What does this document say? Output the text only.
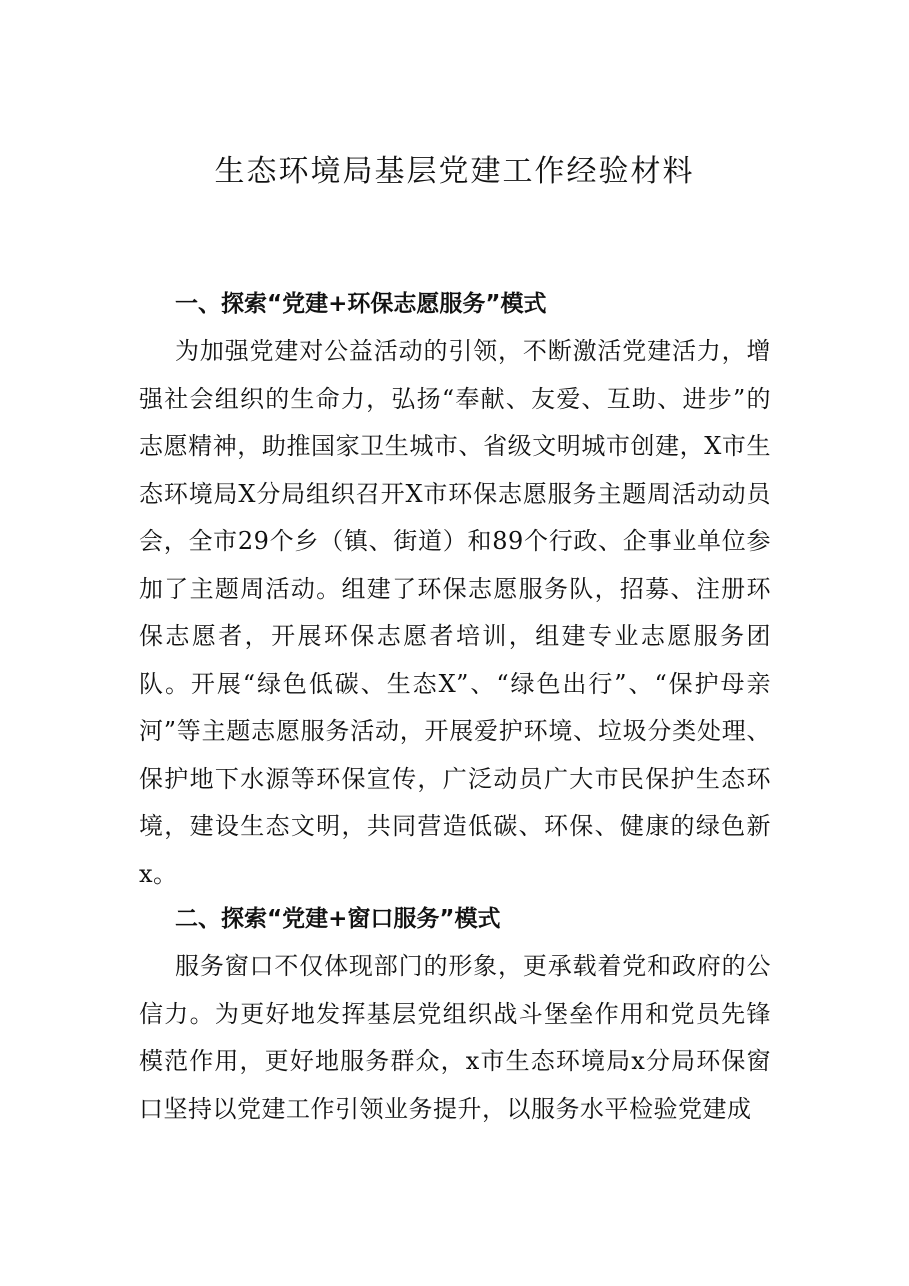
生态环境局基层党建工作经验材料
一、探索“党建+环保志愿服务”模式

为加强党建对公益活动的引领，不断激活党建活力，增强社会组织的生命力，弘扬“奉献、友爱、互助、进步”的志愿精神，助推国家卫生城市、省级文明城市创建，X市生态环境局X分局组织召开X市环保志愿服务主题周活动动员会，全市29个乡（镇、街道）和89个行政、企事业单位参加了主题周活动。组建了环保志愿服务队，招募、注册环保志愿者，开展环保志愿者培训，组建专业志愿服务团队。开展“绿色低碳、生态X”、“绿色出行”、“保护母亲河”等主题志愿服务活动，开展爱护环境、垃圾分类处理、保护地下水源等环保宣传，广泛动员广大市民保护生态环境，建设生态文明，共同营造低碳、环保、健康的绿色新x。

二、探索“党建+窗口服务”模式

服务窗口不仅体现部门的形象，更承载着党和政府的公信力。为更好地发挥基层党组织战斗堡垒作用和党员先锋模范作用，更好地服务群众，x市生态环境局x分局环保窗口坚持以党建工作引领业务提升，以服务水平检验党建成
